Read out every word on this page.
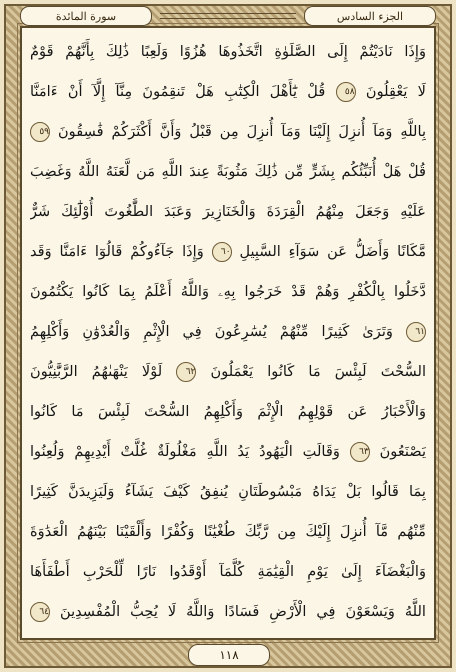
الجزء السادس
سورة المائدة
وَإِذَا نَادَيْتُمْ إِلَى الصَّلَوٰةِ اتَّخَذُوهَا هُزُوًا وَلَعِبًا ذَٰلِكَ بِأَنَّهُمْ قَوْمٌ
لَا يَعْقِلُونَ ٥٨ قُلْ يَٰٓأَهْلَ الْكِتَٰبِ هَلْ تَنقِمُونَ مِنَّآ إِلَّآ أَنْ ءَامَنَّا
بِاللَّهِ وَمَآ أُنزِلَ إِلَيْنَا وَمَآ أُنزِلَ مِن قَبْلُ وَأَنَّ أَكْثَرَكُمْ فَٰسِقُونَ ٥٩
قُلْ هَلْ أُنَبِّئُكُم بِشَرٍّ مِّن ذَٰلِكَ مَثُوبَةً عِندَ اللَّهِ مَن لَّعَنَهُ اللَّهُ وَغَضِبَ
عَلَيْهِ وَجَعَلَ مِنْهُمُ الْقِرَدَةَ وَالْخَنَازِيرَ وَعَبَدَ الطَّٰغُوتَ أُوْلَٰٓئِكَ شَرٌّ
مَّكَانًا وَأَضَلُّ عَن سَوَآءِ السَّبِيلِ ٦٠ وَإِذَا جَآءُوكُمْ قَالُوٓا ءَامَنَّا وَقَد
دَّخَلُوا بِالْكُفْرِ وَهُمْ قَدْ خَرَجُوا بِهِۦ وَاللَّهُ أَعْلَمُ بِمَا كَانُوا يَكْتُمُونَ
٦١ وَتَرَىٰ كَثِيرًا مِّنْهُمْ يُسَٰرِعُونَ فِي الْإِثْمِ وَالْعُدْوَٰنِ وَأَكْلِهِمُ
السُّحْتَ لَبِئْسَ مَا كَانُوا يَعْمَلُونَ ٦٢ لَوْلَا يَنْهَىٰهُمُ الرَّبَّٰنِيُّونَ
وَالْأَحْبَارُ عَن قَوْلِهِمُ الْإِثْمَ وَأَكْلِهِمُ السُّحْتَ لَبِئْسَ مَا كَانُوا
يَصْنَعُونَ ٦٣ وَقَالَتِ الْيَهُودُ يَدُ اللَّهِ مَغْلُولَةٌ غُلَّتْ أَيْدِيهِمْ وَلُعِنُوا
بِمَا قَالُوا بَلْ يَدَاهُ مَبْسُوطَتَانِ يُنفِقُ كَيْفَ يَشَآءُ وَلَيَزِيدَنَّ كَثِيرًا
مِّنْهُم مَّآ أُنزِلَ إِلَيْكَ مِن رَّبِّكَ طُغْيَٰنًا وَكُفْرًا وَأَلْقَيْنَا بَيْنَهُمُ الْعَدَٰوَةَ
وَالْبَغْضَآءَ إِلَىٰ يَوْمِ الْقِيَٰمَةِ كُلَّمَآ أَوْقَدُوا نَارًا لِّلْحَرْبِ أَطْفَأَهَا
اللَّهُ وَيَسْعَوْنَ فِي الْأَرْضِ فَسَادًا وَاللَّهُ لَا يُحِبُّ الْمُفْسِدِينَ ٦٤
١١٨
